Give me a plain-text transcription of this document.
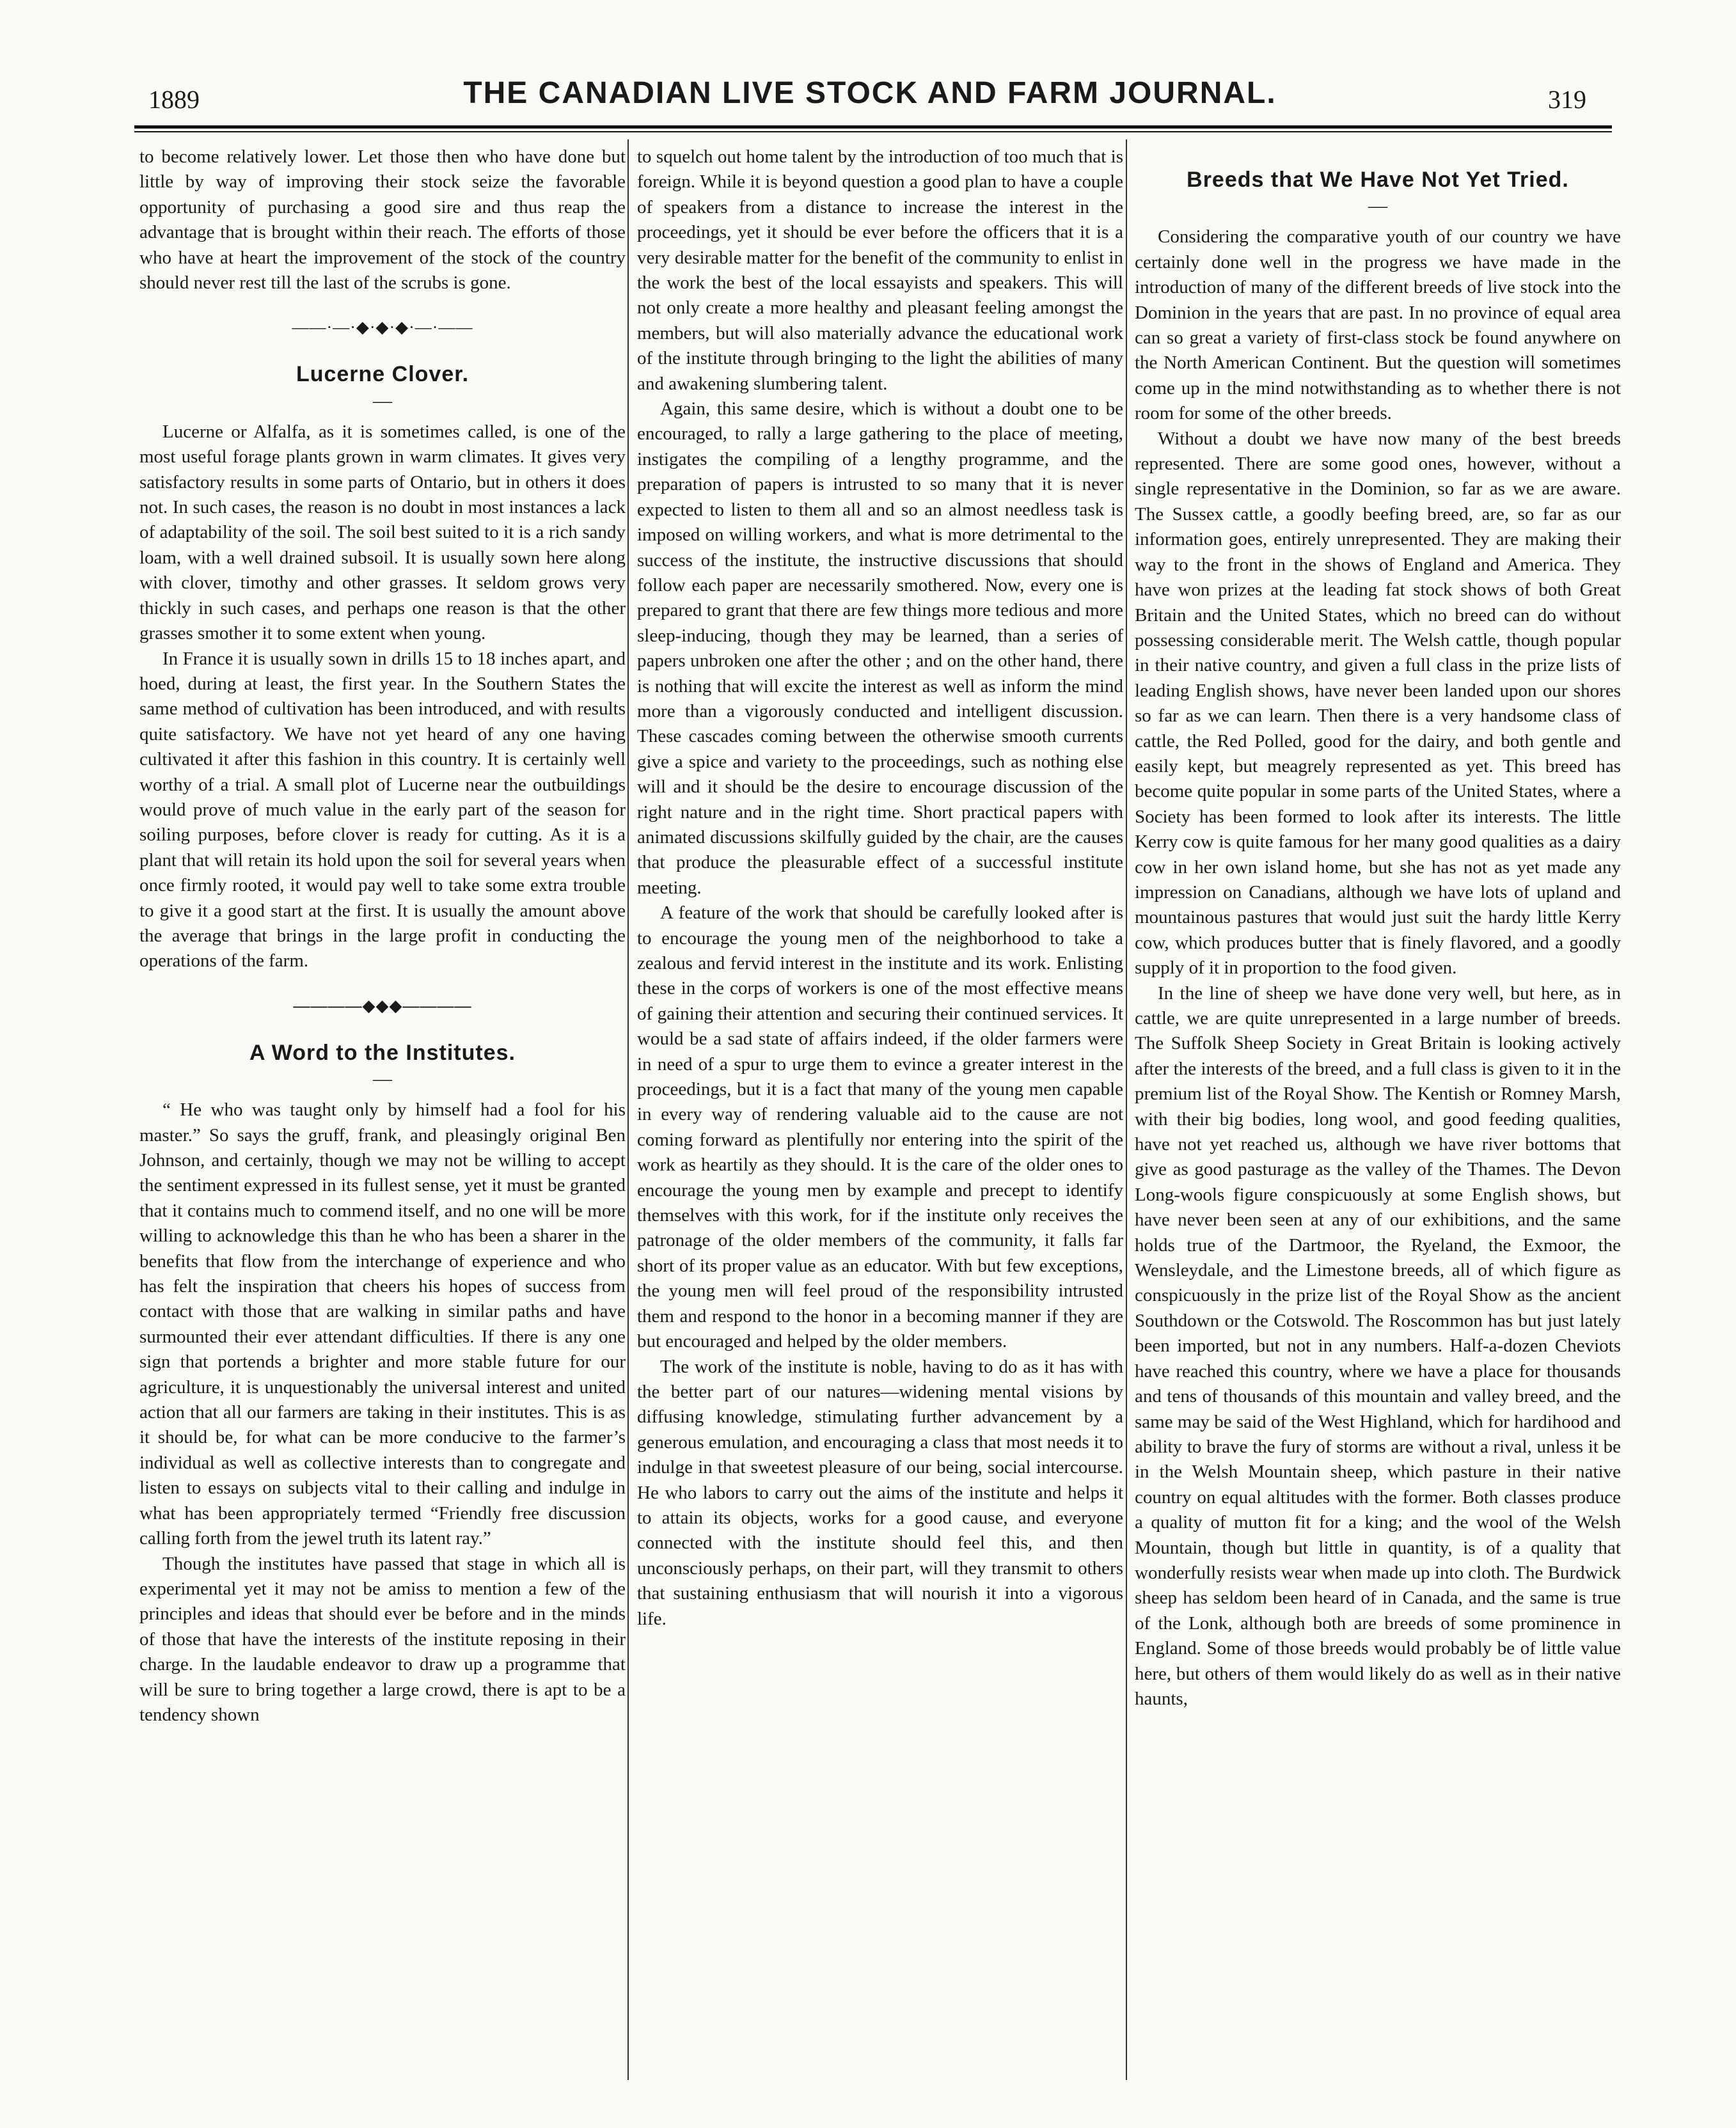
1889	THE CANADIAN LIVE STOCK AND FARM JOURNAL.	319

to become relatively lower. Let those then who have done but little by way of improving their stock seize the favorable opportunity of purchasing a good sire and thus reap the advantage that is brought within their reach. The efforts of those who have at heart the improvement of the stock of the country should never rest till the last of the scrubs is gone.

——·—·◆·◆·◆·—·——
Lucerne Clover.
—

Lucerne or Alfalfa, as it is sometimes called, is one of the most useful forage plants grown in warm climates. It gives very satisfactory results in some parts of Ontario, but in others it does not. In such cases, the reason is no doubt in most instances a lack of adaptability of the soil. The soil best suited to it is a rich sandy loam, with a well drained subsoil. It is usually sown here along with clover, timothy and other grasses. It seldom grows very thickly in such cases, and perhaps one reason is that the other grasses smother it to some extent when young.

In France it is usually sown in drills 15 to 18 inches apart, and hoed, during at least, the first year. In the Southern States the same method of cultivation has been introduced, and with results quite satisfactory. We have not yet heard of any one having cultivated it after this fashion in this country. It is certainly well worthy of a trial. A small plot of Lucerne near the outbuildings would prove of much value in the early part of the season for soiling purposes, before clover is ready for cutting. As it is a plant that will retain its hold upon the soil for several years when once firmly rooted, it would pay well to take some extra trouble to give it a good start at the first. It is usually the amount above the average that brings in the large profit in conducting the operations of the farm.

————◆◆◆————
A Word to the Institutes.
—

“ He who was taught only by himself had a fool for his master.” So says the gruff, frank, and pleasingly original Ben Johnson, and certainly, though we may not be willing to accept the sentiment expressed in its fullest sense, yet it must be granted that it contains much to commend itself, and no one will be more willing to acknowledge this than he who has been a sharer in the benefits that flow from the interchange of experience and who has felt the inspiration that cheers his hopes of success from contact with those that are walking in similar paths and have surmounted their ever attendant difficulties. If there is any one sign that portends a brighter and more stable future for our agriculture, it is unquestionably the universal interest and united action that all our farmers are taking in their institutes. This is as it should be, for what can be more conducive to the farmer’s individual as well as collective interests than to congregate and listen to essays on subjects vital to their calling and indulge in what has been appropriately termed “Friendly free discussion calling forth from the jewel truth its latent ray.”

Though the institutes have passed that stage in which all is experimental yet it may not be amiss to mention a few of the principles and ideas that should ever be before and in the minds of those that have the interests of the institute reposing in their charge. In the laudable endeavor to draw up a programme that will be sure to bring together a large crowd, there is apt to be a tendency shown

to squelch out home talent by the introduction of too much that is foreign. While it is beyond question a good plan to have a couple of speakers from a distance to increase the interest in the proceedings, yet it should be ever before the officers that it is a very desirable matter for the benefit of the community to enlist in the work the best of the local essayists and speakers. This will not only create a more healthy and pleasant feeling amongst the members, but will also materially advance the educational work of the institute through bringing to the light the abilities of many and awakening slumbering talent.

Again, this same desire, which is without a doubt one to be encouraged, to rally a large gathering to the place of meeting, instigates the compiling of a lengthy programme, and the preparation of papers is intrusted to so many that it is never expected to listen to them all and so an almost needless task is imposed on willing workers, and what is more detrimental to the success of the institute, the instructive discussions that should follow each paper are necessarily smothered. Now, every one is prepared to grant that there are few things more tedious and more sleep-inducing, though they may be learned, than a series of papers unbroken one after the other ; and on the other hand, there is nothing that will excite the interest as well as inform the mind more than a vigorously conducted and intelligent discussion. These cascades coming between the otherwise smooth currents give a spice and variety to the proceedings, such as nothing else will and it should be the desire to encourage discussion of the right nature and in the right time. Short practical papers with animated discussions skilfully guided by the chair, are the causes that produce the pleasurable effect of a successful institute meeting.

A feature of the work that should be carefully looked after is to encourage the young men of the neighborhood to take a zealous and fervid interest in the institute and its work. Enlisting these in the corps of workers is one of the most effective means of gaining their attention and securing their continued services. It would be a sad state of affairs indeed, if the older farmers were in need of a spur to urge them to evince a greater interest in the proceedings, but it is a fact that many of the young men capable in every way of rendering valuable aid to the cause are not coming forward as plentifully nor entering into the spirit of the work as heartily as they should. It is the care of the older ones to encourage the young men by example and precept to identify themselves with this work, for if the institute only receives the patronage of the older members of the community, it falls far short of its proper value as an educator. With but few exceptions, the young men will feel proud of the responsibility intrusted them and respond to the honor in a becoming manner if they are but encouraged and helped by the older members.

The work of the institute is noble, having to do as it has with the better part of our natures—widening mental visions by diffusing knowledge, stimulating further advancement by a generous emulation, and encouraging a class that most needs it to indulge in that sweetest pleasure of our being, social intercourse. He who labors to carry out the aims of the institute and helps it to attain its objects, works for a good cause, and everyone connected with the institute should feel this, and then unconsciously perhaps, on their part, will they transmit to others that sustaining enthusiasm that will nourish it into a vigorous life.

Breeds that We Have Not Yet Tried.
—

Considering the comparative youth of our country we have certainly done well in the progress we have made in the introduction of many of the different breeds of live stock into the Dominion in the years that are past. In no province of equal area can so great a variety of first-class stock be found anywhere on the North American Continent. But the question will sometimes come up in the mind notwithstanding as to whether there is not room for some of the other breeds.

Without a doubt we have now many of the best breeds represented. There are some good ones, however, without a single representative in the Dominion, so far as we are aware. The Sussex cattle, a goodly beefing breed, are, so far as our information goes, entirely unrepresented. They are making their way to the front in the shows of England and America. They have won prizes at the leading fat stock shows of both Great Britain and the United States, which no breed can do without possessing considerable merit. The Welsh cattle, though popular in their native country, and given a full class in the prize lists of leading English shows, have never been landed upon our shores so far as we can learn. Then there is a very handsome class of cattle, the Red Polled, good for the dairy, and both gentle and easily kept, but meagrely represented as yet. This breed has become quite popular in some parts of the United States, where a Society has been formed to look after its interests. The little Kerry cow is quite famous for her many good qualities as a dairy cow in her own island home, but she has not as yet made any impression on Canadians, although we have lots of upland and mountainous pastures that would just suit the hardy little Kerry cow, which produces butter that is finely flavored, and a goodly supply of it in proportion to the food given.

In the line of sheep we have done very well, but here, as in cattle, we are quite unrepresented in a large number of breeds. The Suffolk Sheep Society in Great Britain is looking actively after the interests of the breed, and a full class is given to it in the premium list of the Royal Show. The Kentish or Romney Marsh, with their big bodies, long wool, and good feeding qualities, have not yet reached us, although we have river bottoms that give as good pasturage as the valley of the Thames. The Devon Long-wools figure conspicuously at some English shows, but have never been seen at any of our exhibitions, and the same holds true of the Dartmoor, the Ryeland, the Exmoor, the Wensleydale, and the Limestone breeds, all of which figure as conspicuously in the prize list of the Royal Show as the ancient Southdown or the Cotswold. The Roscommon has but just lately been imported, but not in any numbers. Half-a-dozen Cheviots have reached this country, where we have a place for thousands and tens of thousands of this mountain and valley breed, and the same may be said of the West Highland, which for hardihood and ability to brave the fury of storms are without a rival, unless it be in the Welsh Mountain sheep, which pasture in their native country on equal altitudes with the former. Both classes produce a quality of mutton fit for a king; and the wool of the Welsh Mountain, though but little in quantity, is of a quality that wonderfully resists wear when made up into cloth. The Burdwick sheep has seldom been heard of in Canada, and the same is true of the Lonk, although both are breeds of some prominence in England. Some of those breeds would probably be of little value here, but others of them would likely do as well as in their native haunts,
